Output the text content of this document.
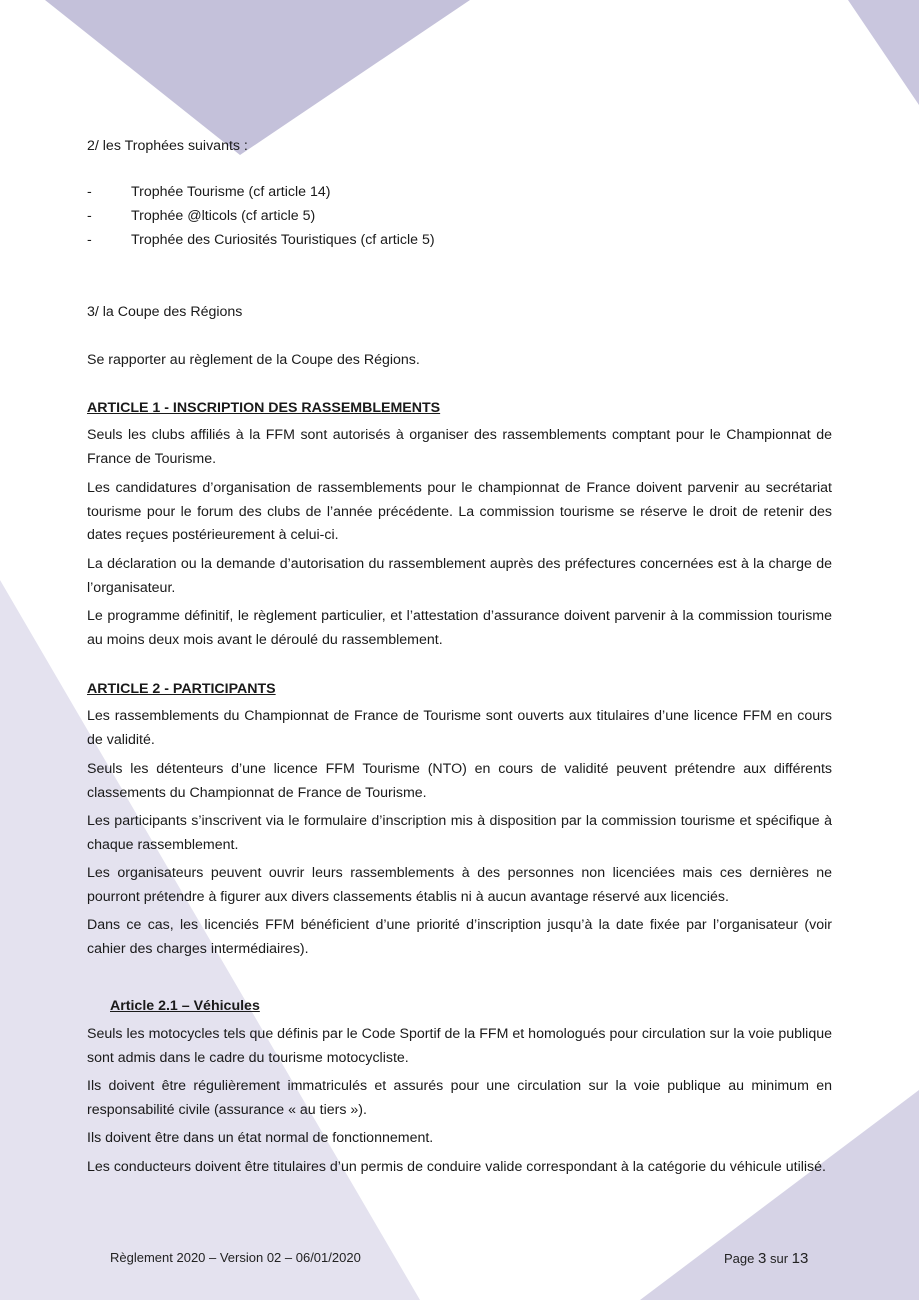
2/ les Trophées suivants :
-	Trophée Tourisme (cf article 14)
-	Trophée @lticols (cf article 5)
-	Trophée des Curiosités Touristiques (cf article 5)
3/ la Coupe des Régions
Se rapporter au règlement de la Coupe des Régions.
ARTICLE 1 - INSCRIPTION DES RASSEMBLEMENTS

Seuls les clubs affiliés à la FFM sont autorisés à organiser des rassemblements comptant pour le Championnat de France de Tourisme.

Les candidatures d’organisation de rassemblements pour le championnat de France doivent parvenir au secrétariat tourisme pour le forum des clubs de l’année précédente. La commission tourisme se réserve le droit de retenir des dates reçues postérieurement à celui-ci.

La déclaration ou la demande d’autorisation du rassemblement auprès des préfectures concernées est à la charge de l’organisateur.

Le programme définitif, le règlement particulier, et l’attestation d’assurance doivent parvenir à la commission tourisme au moins deux mois avant le déroulé du rassemblement.

ARTICLE 2 - PARTICIPANTS

Les rassemblements du Championnat de France de Tourisme sont ouverts aux titulaires d’une licence FFM en cours de validité.

Seuls les détenteurs d’une licence FFM Tourisme (NTO) en cours de validité peuvent prétendre aux différents classements du Championnat de France de Tourisme.

Les participants s’inscrivent via le formulaire d’inscription mis à disposition par la commission tourisme et spécifique à chaque rassemblement.

Les organisateurs peuvent ouvrir leurs rassemblements à des personnes non licenciées mais ces dernières ne pourront prétendre à figurer aux divers classements établis ni à aucun avantage réservé aux licenciés.

Dans ce cas, les licenciés FFM bénéficient d’une priorité d’inscription jusqu’à la date fixée par l’organisateur (voir cahier des charges intermédiaires).

Article 2.1 – Véhicules

Seuls les motocycles tels que définis par le Code Sportif de la FFM et homologués pour circulation sur la voie publique sont admis dans le cadre du tourisme motocycliste.

Ils doivent être régulièrement immatriculés et assurés pour une circulation sur la voie publique au minimum en responsabilité civile (assurance « au tiers »).

Ils doivent être dans un état normal de fonctionnement.

Les conducteurs doivent être titulaires d’un permis de conduire valide correspondant à la catégorie du véhicule utilisé.

Règlement 2020 – Version 02 – 06/01/2020	Page 3 sur 13
